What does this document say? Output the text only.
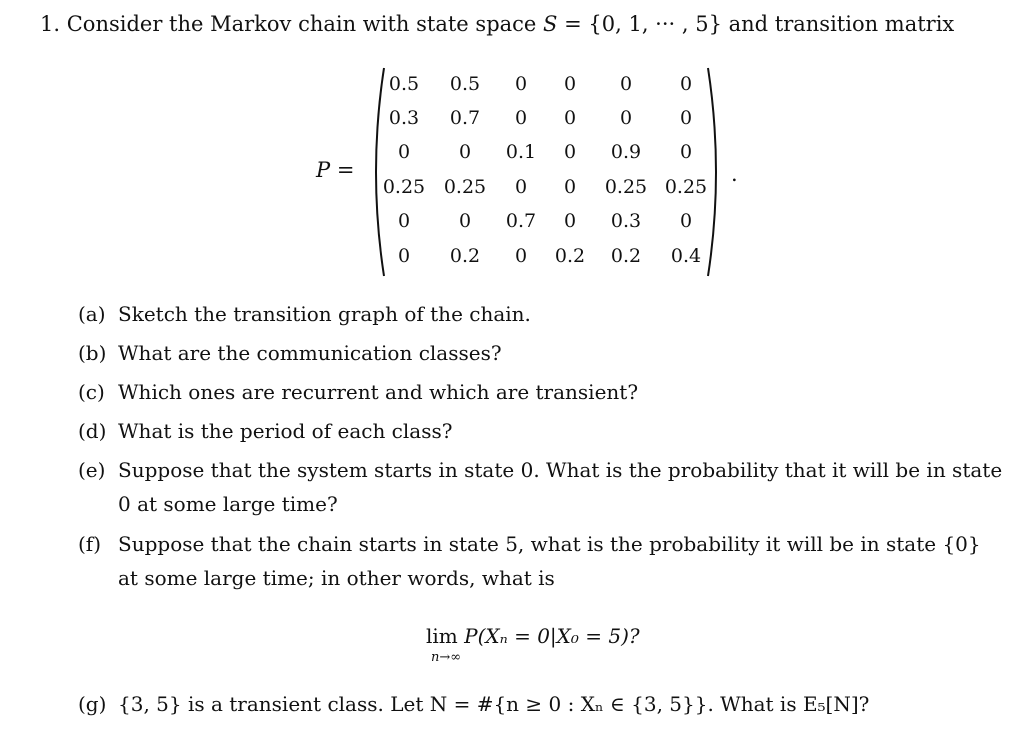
1. Consider the Markov chain with state space S = {0, 1, ··· , 5} and transition matrix
P =
0.5 0.5 0 0 0	0
0.3 0.7 0 0 0	0
0	0 0.1 0 0.9 0
0.25 0.25 0 0 0.25 0.25
0	0 0.7 0 0.3 0
0 0.2 0 0.2 0.2 0.4
.
(a) Sketch the transition graph of the chain.
(b) What are the communication classes?
(c) Which ones are recurrent and which are transient?
(d) What is the period of each class?
(e) Suppose that the system starts in state 0. What is the probability that it will be in state
0 at some large time?
(f) Suppose that the chain starts in state 5, what is the probability it will be in state {0}
at some large time; in other words, what is
lim P(Xₙ = 0|X₀ = 5)?
n→∞
(g) {3, 5} is a transient class. Let N = #{n ≥ 0 : Xₙ ∈ {3, 5}}. What is E₅[N]?
